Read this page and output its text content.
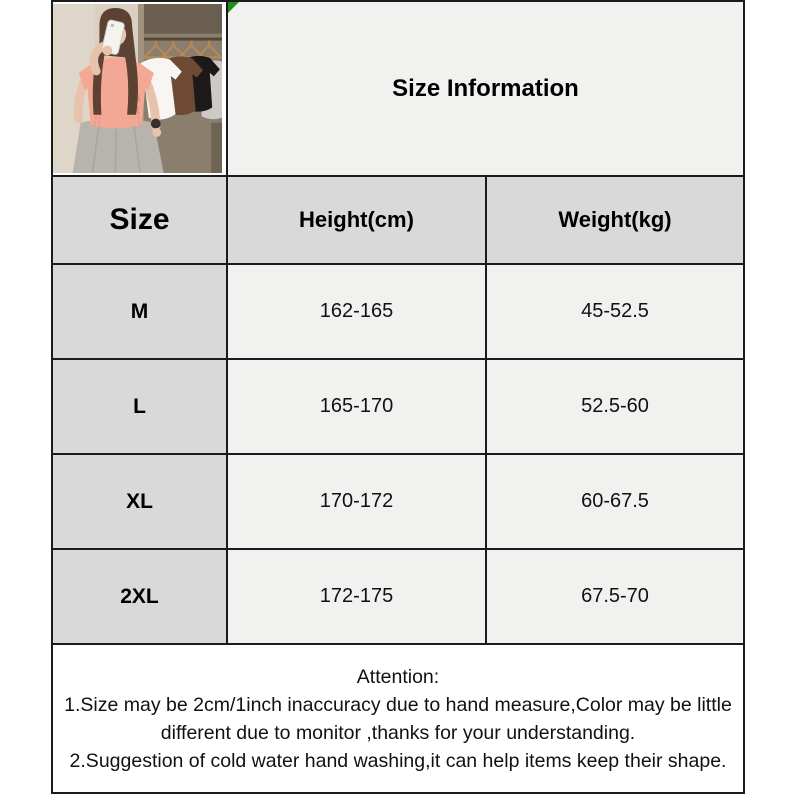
Size Information	
Size	Height(cm)	Weight(kg)
M	162-165	45-52.5
L	165-170	52.5-60
XL	170-172	60-67.5
2XL	172-175	67.5-70

Attention:
1.Size may be 2cm/1inch inaccuracy due to hand measure,Color may be little different due to monitor ,thanks for your understanding.
2.Suggestion of cold water hand washing,it can help items keep their shape.		
